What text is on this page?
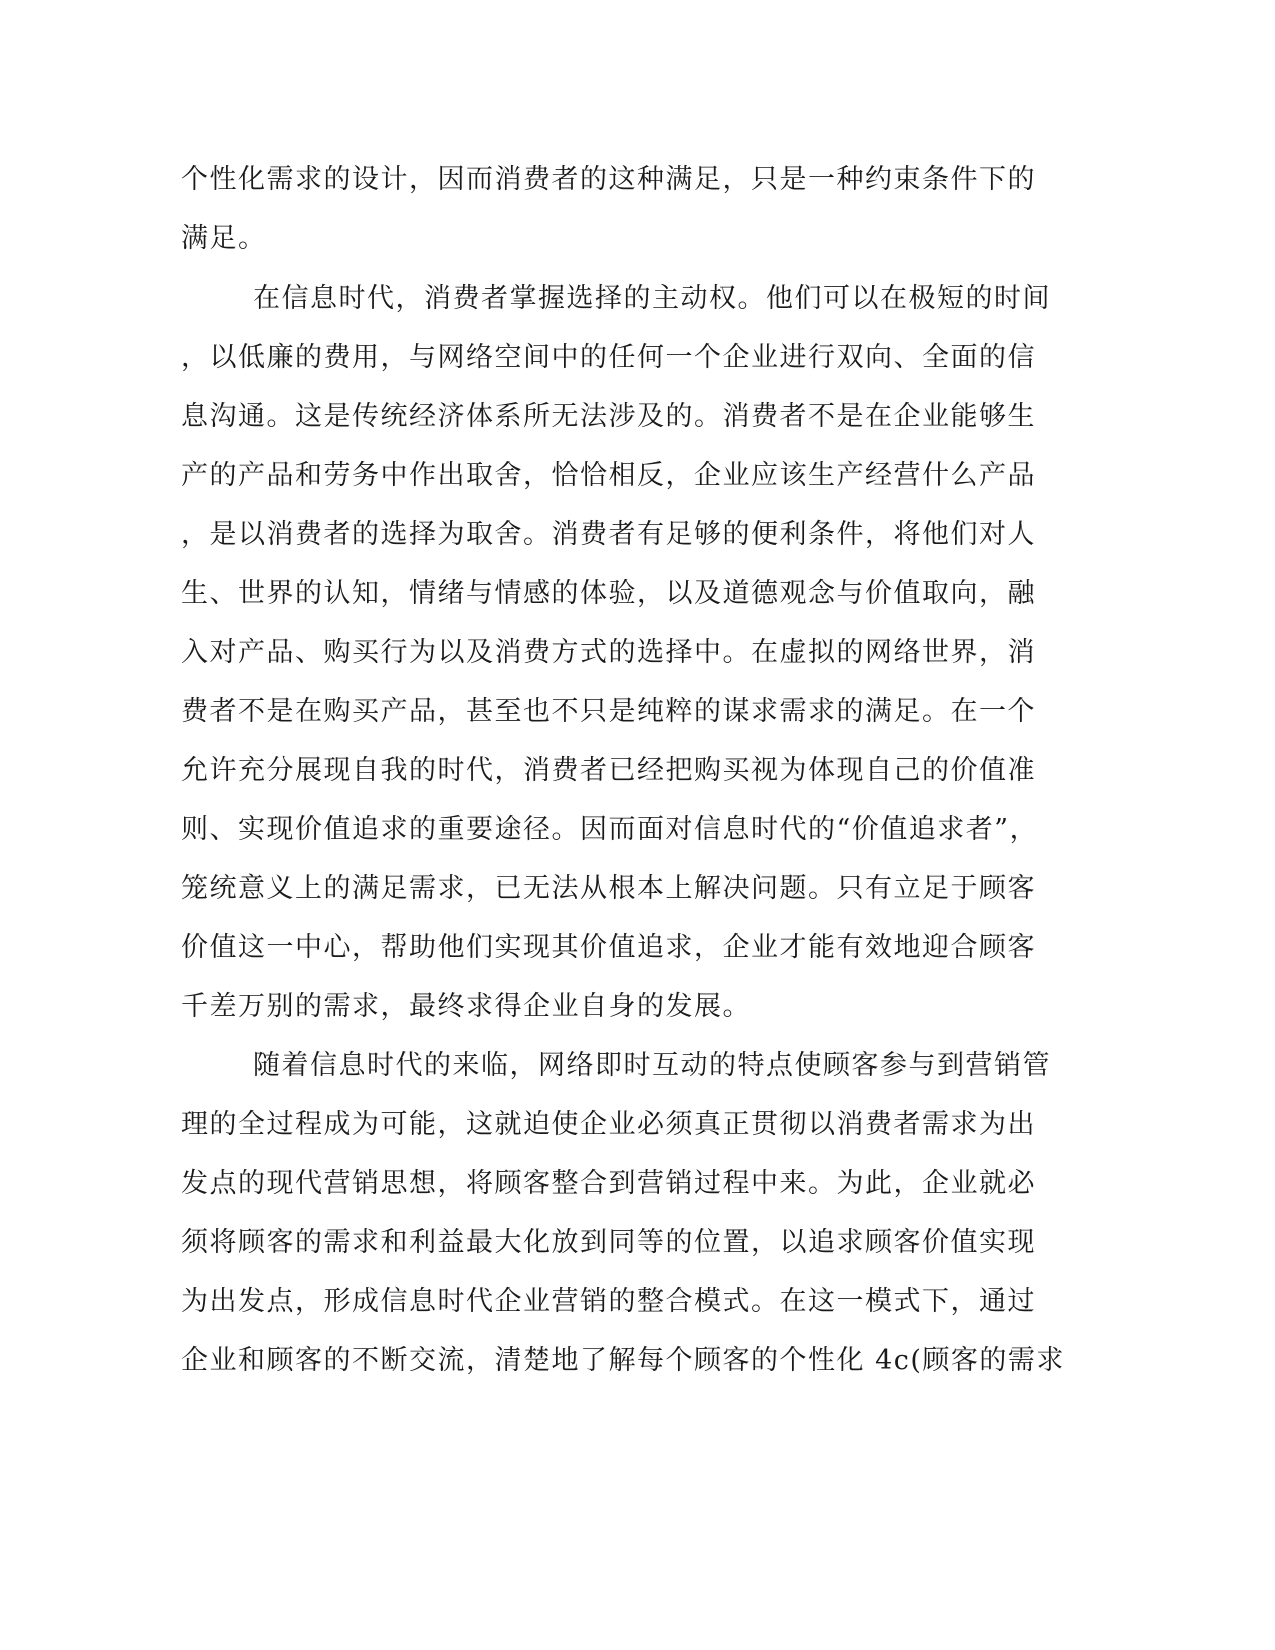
个性化需求的设计，因而消费者的这种满足，只是一种约束条件下的
满足。
在信息时代，消费者掌握选择的主动权。他们可以在极短的时间
，以低廉的费用，与网络空间中的任何一个企业进行双向、全面的信
息沟通。这是传统经济体系所无法涉及的。消费者不是在企业能够生
产的产品和劳务中作出取舍，恰恰相反，企业应该生产经营什么产品
，是以消费者的选择为取舍。消费者有足够的便利条件，将他们对人
生、世界的认知，情绪与情感的体验，以及道德观念与价值取向，融
入对产品、购买行为以及消费方式的选择中。在虚拟的网络世界，消
费者不是在购买产品，甚至也不只是纯粹的谋求需求的满足。在一个
允许充分展现自我的时代，消费者已经把购买视为体现自己的价值准
则、实现价值追求的重要途径。因而面对信息时代的“价值追求者”，
笼统意义上的满足需求，已无法从根本上解决问题。只有立足于顾客
价值这一中心，帮助他们实现其价值追求，企业才能有效地迎合顾客
千差万别的需求，最终求得企业自身的发展。
随着信息时代的来临，网络即时互动的特点使顾客参与到营销管
理的全过程成为可能，这就迫使企业必须真正贯彻以消费者需求为出
发点的现代营销思想，将顾客整合到营销过程中来。为此，企业就必
须将顾客的需求和利益最大化放到同等的位置，以追求顾客价值实现
为出发点，形成信息时代企业营销的整合模式。在这一模式下，通过
企业和顾客的不断交流，清楚地了解每个顾客的个性化 4c(顾客的需求
